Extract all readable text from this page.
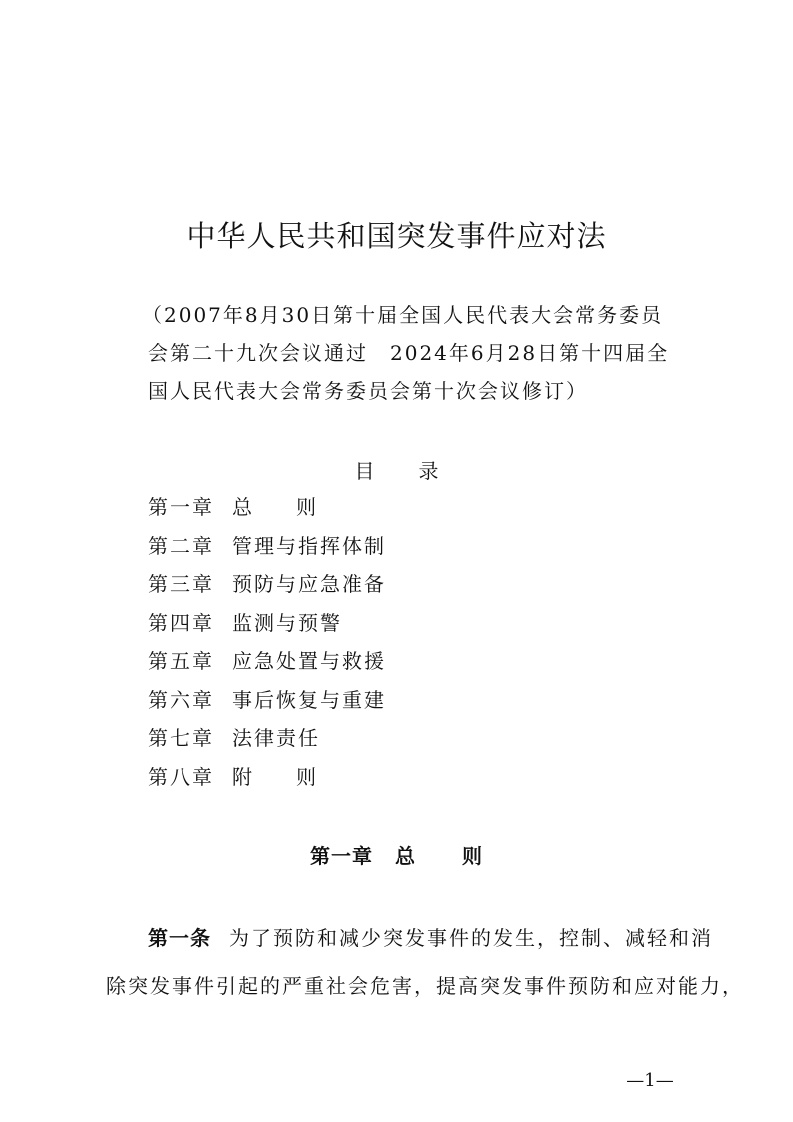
中华人民共和国突发事件应对法

（2007年8月30日第十届全国人民代表大会常务委员
会第二十九次会议通过　2024年6月28日第十四届全
国人民代表大会常务委员会第十次会议修订）

目 录

第一章 总 则
第二章 管理与指挥体制
第三章 预防与应急准备
第四章 监测与预警
第五章 应急处置与救援
第六章 事后恢复与重建
第七章 法律责任
第八章 附 则
第一章 总 则
第一条 为了预防和减少突发事件的发生，控制、减轻和消
除突发事件引起的严重社会危害，提高突发事件预防和应对能力，

—1—
